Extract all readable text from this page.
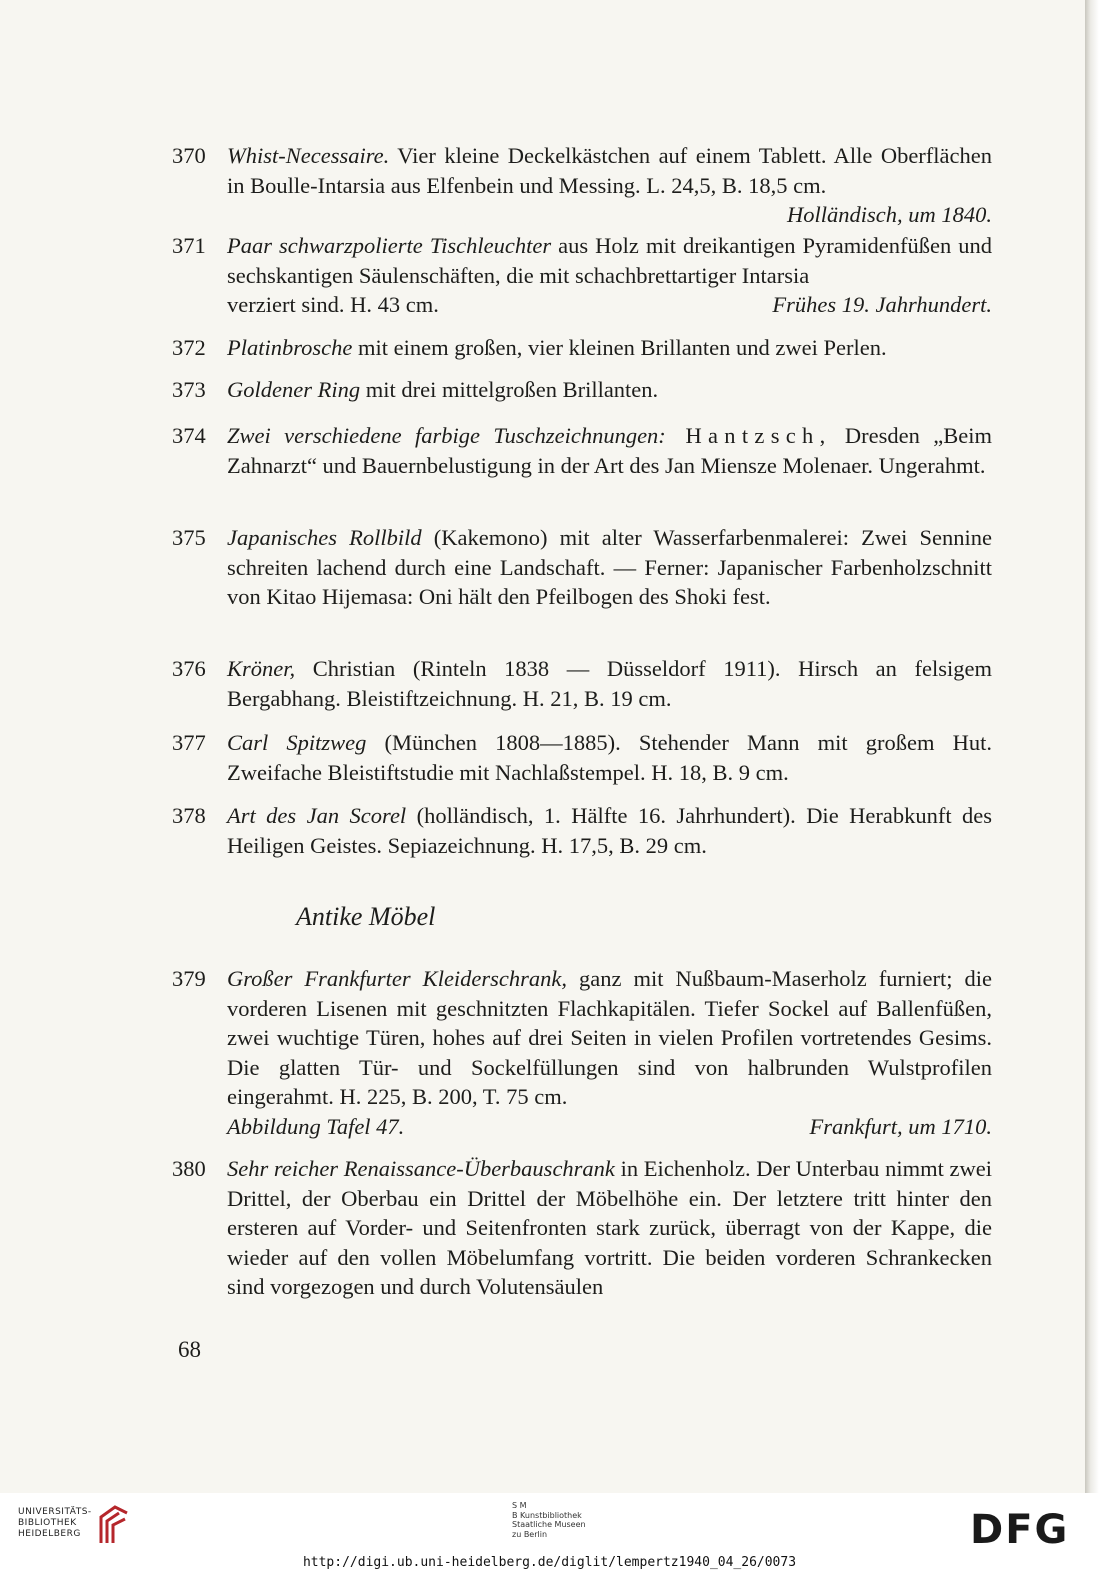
370 Whist-Necessaire. Vier kleine Deckelkästchen auf einem Tablett. Alle Oberflächen in Boulle-Intarsia aus Elfenbein und Messing. L. 24,5, B. 18,5 cm.
Holländisch, um 1840.
371 Paar schwarzpolierte Tischleuchter aus Holz mit dreikantigen Pyramidenfüßen und sechskantigen Säulenschäften, die mit schachbrettartiger Intarsia
verziert sind. H. 43 cm.	Frühes 19. Jahrhundert.
372 Platinbrosche mit einem großen, vier kleinen Brillanten und zwei Perlen.
373 Goldener Ring mit drei mittelgroßen Brillanten.
374 Zwei verschiedene farbige Tuschzeichnungen: Hantzsch, Dresden „Beim Zahnarzt“ und Bauernbelustigung in der Art des Jan Miensze Molenaer. Ungerahmt.
375 Japanisches Rollbild (Kakemono) mit alter Wasserfarbenmalerei: Zwei Sennine schreiten lachend durch eine Landschaft. — Ferner: Japanischer Farbenholzschnitt von Kitao Hijemasa: Oni hält den Pfeilbogen des Shoki fest.
376 Kröner, Christian (Rinteln 1838 — Düsseldorf 1911). Hirsch an felsigem Bergabhang. Bleistiftzeichnung. H. 21, B. 19 cm.
377 Carl Spitzweg (München 1808—1885). Stehender Mann mit großem Hut. Zweifache Bleistiftstudie mit Nachlaßstempel. H. 18, B. 9 cm.
378 Art des Jan Scorel (holländisch, 1. Hälfte 16. Jahrhundert). Die Herabkunft des Heiligen Geistes. Sepiazeichnung. H. 17,5, B. 29 cm.
Antike Möbel
379 Großer Frankfurter Kleiderschrank, ganz mit Nußbaum-Maserholz furniert; die vorderen Lisenen mit geschnitzten Flachkapitälen. Tiefer Sockel auf Ballenfüßen, zwei wuchtige Türen, hohes auf drei Seiten in vielen Profilen vortretendes Gesims. Die glatten Tür- und Sockelfüllungen sind von halbrunden Wulstprofilen eingerahmt. H. 225, B. 200, T. 75 cm.
Abbildung Tafel 47.	Frankfurt, um 1710.
380 Sehr reicher Renaissance-Überbauschrank in Eichenholz. Der Unterbau nimmt zwei Drittel, der Oberbau ein Drittel der Möbelhöhe ein. Der letztere tritt hinter den ersteren auf Vorder- und Seitenfronten stark zurück, überragt von der Kappe, die wieder auf den vollen Möbelumfang vortritt. Die beiden vorderen Schrankecken sind vorgezogen und durch Volutensäulen
68
UNIVERSITÄTS-
BIBLIOTHEK
HEIDELBERG
S M
B Kunstbibliothek
Staatliche Museen
zu Berlin	DFG
http://digi.ub.uni-heidelberg.de/diglit/lempertz1940_04_26/0073
